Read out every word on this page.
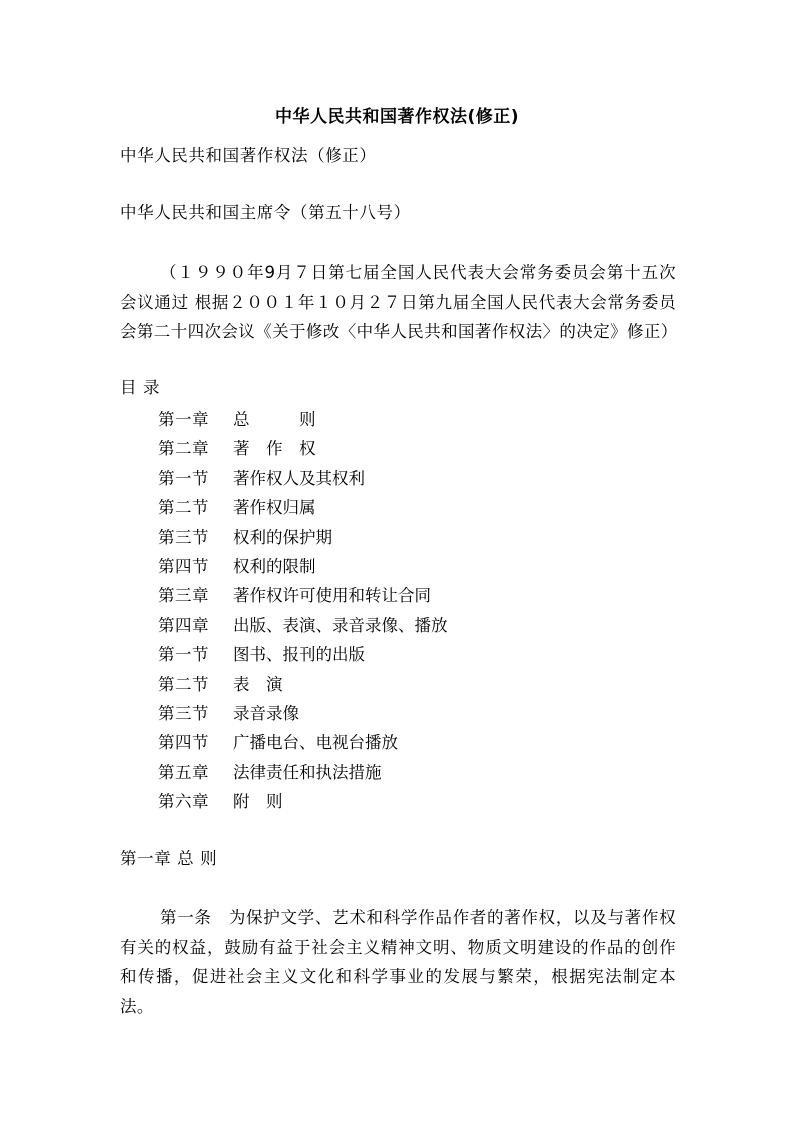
中华人民共和国著作权法(修正)
中华人民共和国著作权法（修正）
中华人民共和国主席令（第五十八号）

（１９９０年9月７日第七届全国人民代表大会常务委员会第十五次会议通过 根据２００１年１０月２７日第九届全国人民代表大会常务委员会第二十四次会议《关于修改〈中华人民共和国著作权法〉的决定》修正）

目 录
第一章 总　　　则
第二章 著　作　权
第一节 著作权人及其权利
第二节 著作权归属
第三节 权利的保护期
第四节 权利的限制
第三章 著作权许可使用和转让合同
第四章 出版、表演、录音录像、播放
第一节 图书、报刊的出版
第二节 表　演
第三节 录音录像
第四节 广播电台、电视台播放
第五章 法律责任和执法措施
第六章 附　则
第一章 总 则

第一条　为保护文学、艺术和科学作品作者的著作权，以及与著作权有关的权益，鼓励有益于社会主义精神文明、物质文明建设的作品的创作和传播，促进社会主义文化和科学事业的发展与繁荣，根据宪法制定本法。
